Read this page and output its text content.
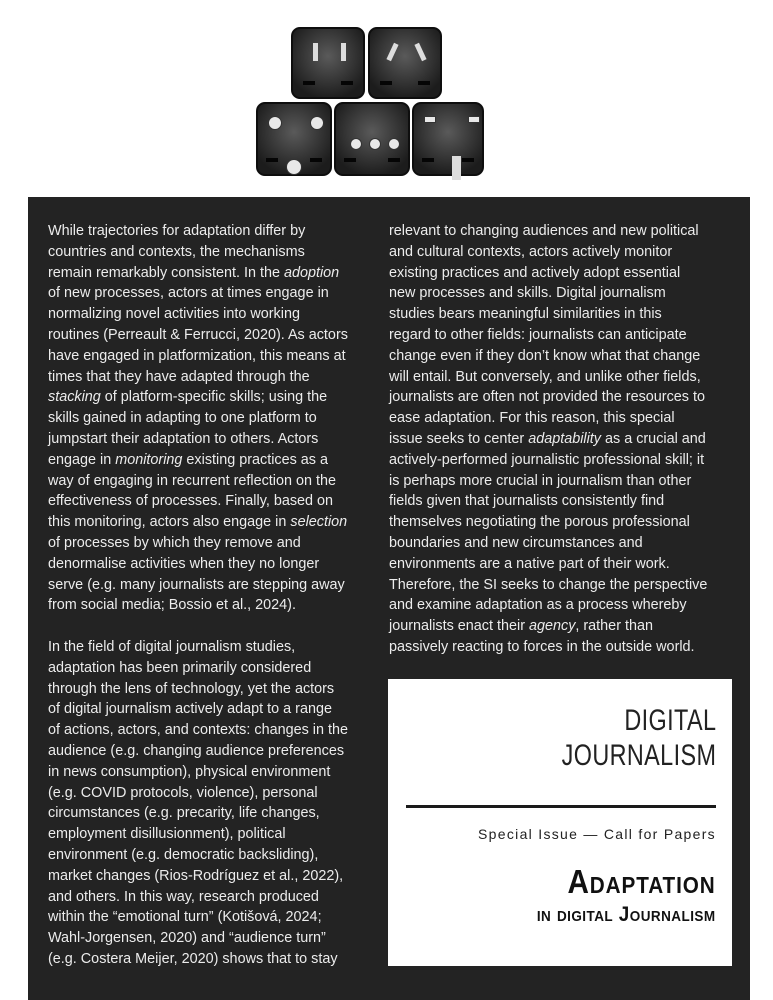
While trajectories for adaptation differ by
countries and contexts, the mechanisms
remain remarkably consistent. In the adoption
of new processes, actors at times engage in
normalizing novel activities into working
routines (Perreault & Ferrucci, 2020). As actors
have engaged in platformization, this means at
times that they have adapted through the
stacking of platform-specific skills; using the
skills gained in adapting to one platform to
jumpstart their adaptation to others. Actors
engage in monitoring existing practices as a
way of engaging in recurrent reflection on the
effectiveness of processes. Finally, based on
this monitoring, actors also engage in selection
of processes by which they remove and
denormalise activities when they no longer
serve (e.g. many journalists are stepping away
from social media; Bossio et al., 2024).
In the field of digital journalism studies,
adaptation has been primarily considered
through the lens of technology, yet the actors
of digital journalism actively adapt to a range
of actions, actors, and contexts: changes in the
audience (e.g. changing audience preferences
in news consumption), physical environment
(e.g. COVID protocols, violence), personal
circumstances (e.g. precarity, life changes,
employment disillusionment), political
environment (e.g. democratic backsliding),
market changes (Rios-Rodríguez et al., 2022),
and others. In this way, research produced
within the “emotional turn” (Kotišová, 2024;
Wahl-Jorgensen, 2020) and “audience turn”
(e.g. Costera Meijer, 2020) shows that to stay
relevant to changing audiences and new political
and cultural contexts, actors actively monitor
existing practices and actively adopt essential
new processes and skills. Digital journalism
studies bears meaningful similarities in this
regard to other fields: journalists can anticipate
change even if they don’t know what that change
will entail. But conversely, and unlike other fields,
journalists are often not provided the resources to
ease adaptation. For this reason, this special
issue seeks to center adaptability as a crucial and
actively-performed journalistic professional skill; it
is perhaps more crucial in journalism than other
fields given that journalists consistently find
themselves negotiating the porous professional
boundaries and new circumstances and
environments are a native part of their work.
Therefore, the SI seeks to change the perspective
and examine adaptation as a process whereby
journalists enact their agency, rather than
passively reacting to forces in the outside world.
DIGITAL
JOURNALISM
Special Issue — Call for Papers
Adaptation
in digital Journalism
